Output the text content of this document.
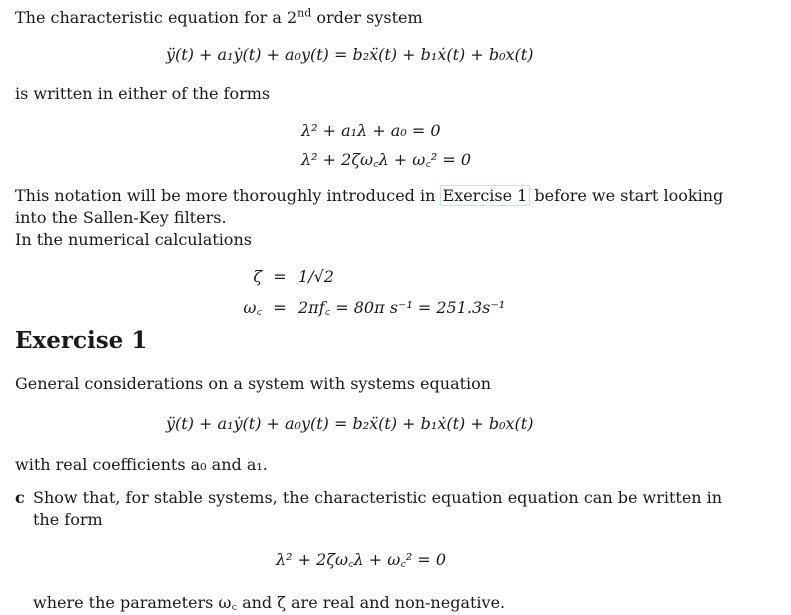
The characteristic equation for a 2nd order system
ÿ(t) + a₁ẏ(t) + a₀y(t) = b₂ẍ(t) + b₁ẋ(t) + b₀x(t)
is written in either of the forms
λ² + a₁λ + a₀ = 0
λ² + 2ζω꜀λ + ω꜀² = 0
This notation will be more thoroughly introduced in Exercise 1 before we start looking
into the Sallen-Key filters.
In the numerical calculations
ζ = 1/√2
ω꜀ = 2πf꜀ = 80π s⁻¹ = 251.3s⁻¹
Exercise 1
General considerations on a system with systems equation
ÿ(t) + a₁ẏ(t) + a₀y(t) = b₂ẍ(t) + b₁ẋ(t) + b₀x(t)
with real coefficients a₀ and a₁.
c Show that, for stable systems, the characteristic equation equation can be written in
the form
λ² + 2ζω꜀λ + ω꜀² = 0
where the parameters ω꜀ and ζ are real and non-negative.
